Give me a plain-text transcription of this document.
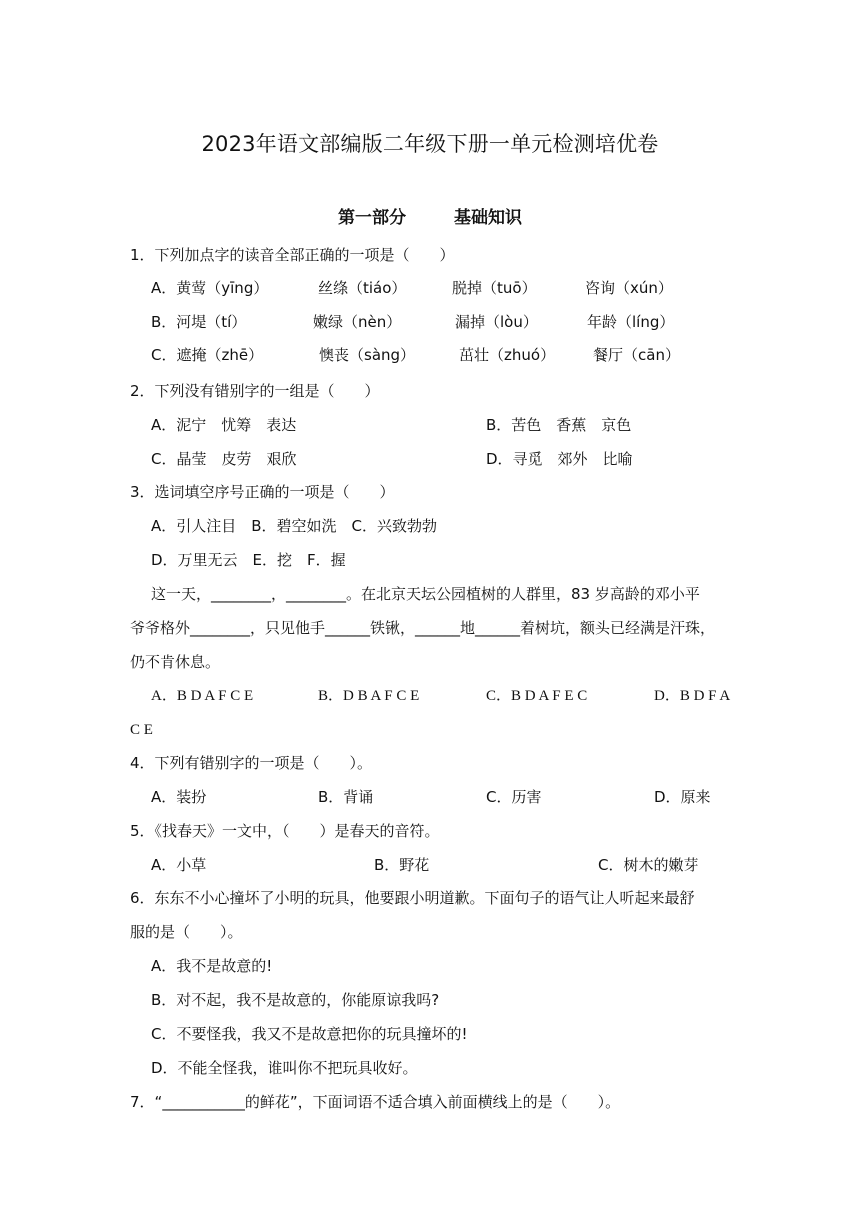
2023年语文部编版二年级下册一单元检测培优卷
第一部分	基础知识
1．下列加点字的读音全部正确的一项是（　　）
A．黄莺（yīng）	丝绦（tiáo）	脱掉（tuō）	咨询（xún）
B．河堤（tí）	嫩绿（nèn）	漏掉（lòu）	年龄（líng）
C．遮掩（zhē）	懊丧（sàng）	茁壮（zhuó）	餐厅（cān）
2．下列没有错别字的一组是（　　）
A．泥宁　忧筹　表达	B．苦色　香蕉　京色
C．晶莹　皮劳　艰欣	D．寻觅　郊外　比喻
3．选词填空序号正确的一项是（　　）
A．引人注目　B．碧空如洗　C．兴致勃勃
D．万里无云　E．挖　F．握
这一天，________，________。在北京天坛公园植树的人群里，83 岁高龄的邓小平
爷爷格外________，只见他手______铁锹，______地______着树坑，额头已经满是汗珠，
仍不肯休息。
A．B D A F C E	B．D B A F C E	C．B D A F E C	D．B D F A
C E
4．下列有错别字的一项是（　　）。
A．装扮	B．背诵	C．历害	D．原来
5．《找春天》一文中，（　　）是春天的音符。
A．小草	B．野花	C．树木的嫩芽
6．东东不小心撞坏了小明的玩具，他要跟小明道歉。下面句子的语气让人听起来最舒
服的是（　　）。
A．我不是故意的!
B．对不起，我不是故意的，你能原谅我吗?
C．不要怪我，我又不是故意把你的玩具撞坏的!
D．不能全怪我，谁叫你不把玩具收好。
7．“___________的鲜花”，下面词语不适合填入前面横线上的是（　　）。
